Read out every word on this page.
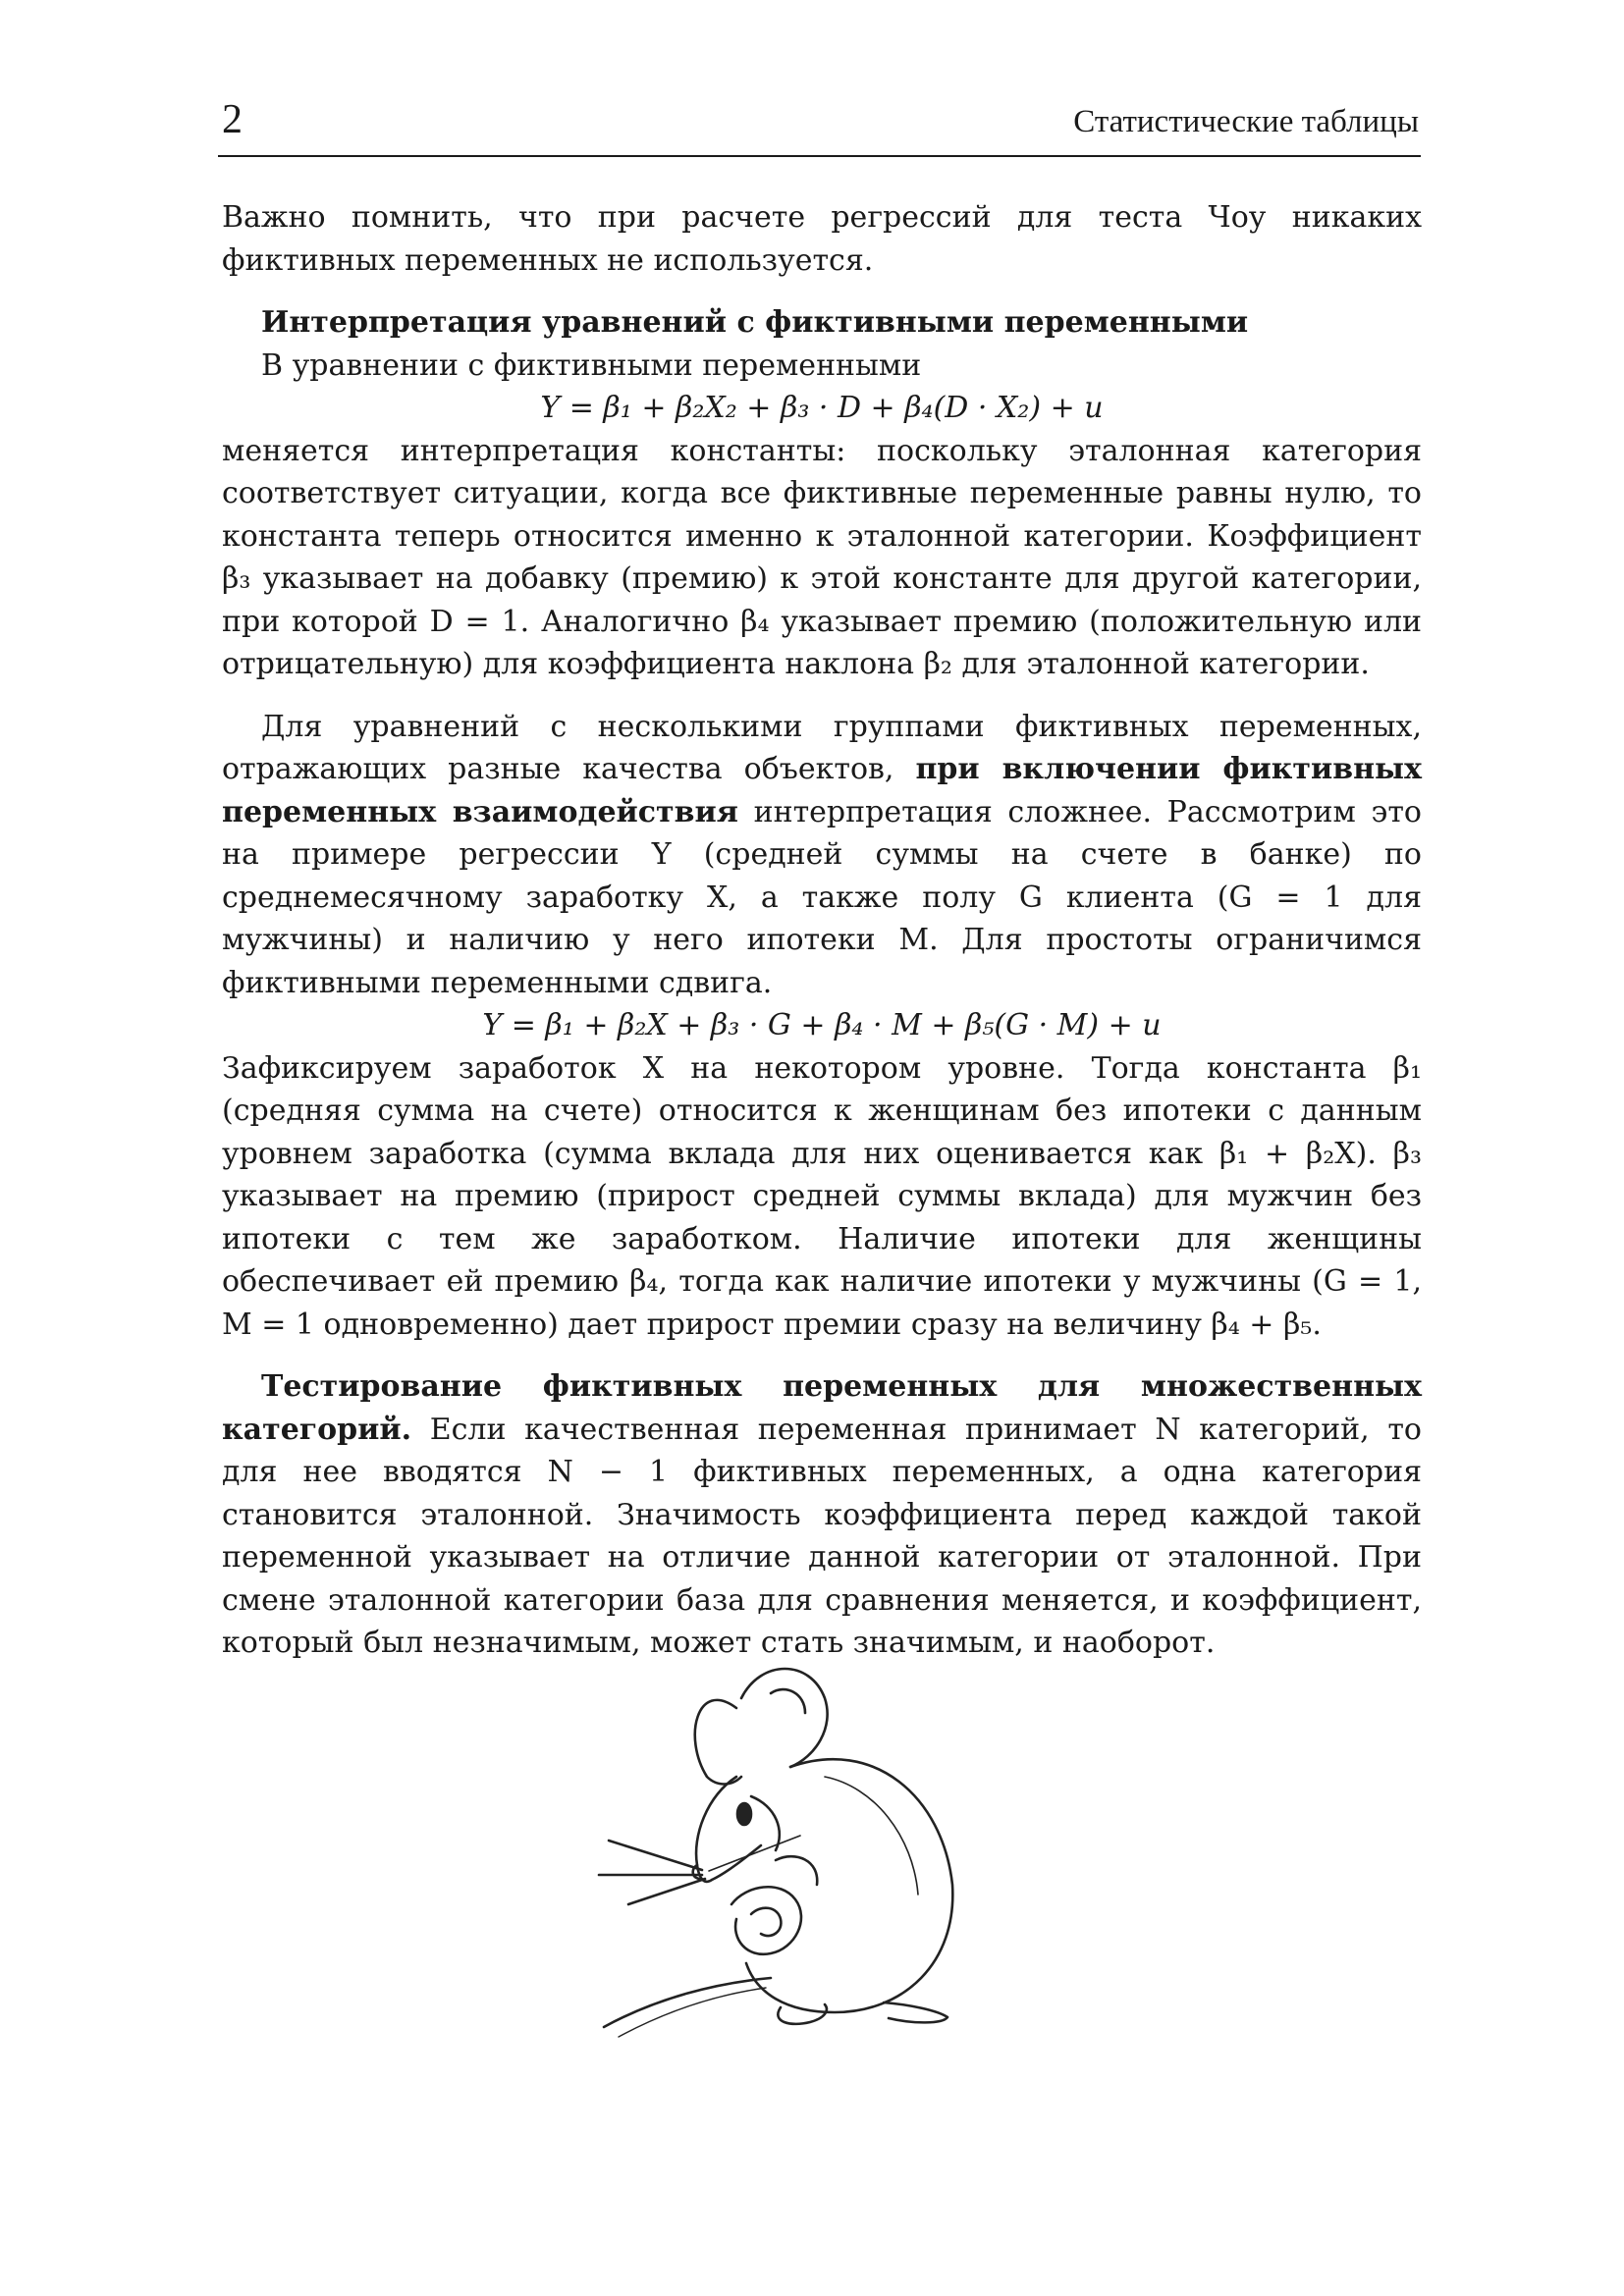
2	Статистические таблицы

Важно помнить, что при расчете регрессий для теста Чоу никаких фиктивных переменных не используется.

Интерпретация уравнений с фиктивными переменными

В уравнении с фиктивными переменными

Y = β₁ + β₂X₂ + β₃ · D + β₄(D · X₂) + u

меняется интерпретация константы: поскольку эталонная категория соответствует ситуации, когда все фиктивные переменные равны нулю, то константа теперь относится именно к эталонной категории. Коэффициент β₃ указывает на добавку (премию) к этой константе для другой категории, при которой D = 1. Аналогично β₄ указывает премию (положительную или отрицательную) для коэффициента наклона β₂ для эталонной категории.

Для уравнений с несколькими группами фиктивных переменных, отражающих разные качества объектов, при включении фиктивных переменных взаимодействия интерпретация сложнее. Рассмотрим это на примере регрессии Y (средней суммы на счете в банке) по среднемесячному заработку X, а также полу G клиента (G = 1 для мужчины) и наличию у него ипотеки M. Для простоты ограничимся фиктивными переменными сдвига.

Y = β₁ + β₂X + β₃ · G + β₄ · M + β₅(G · M) + u

Зафиксируем заработок X на некотором уровне. Тогда константа β₁ (средняя сумма на счете) относится к женщинам без ипотеки с данным уровнем заработка (сумма вклада для них оценивается как β₁ + β₂X). β₃ указывает на премию (прирост средней суммы вклада) для мужчин без ипотеки с тем же заработком. Наличие ипотеки для женщины обеспечивает ей премию β₄, тогда как наличие ипотеки у мужчины (G = 1, M = 1 одновременно) дает прирост премии сразу на величину β₄ + β₅.

Тестирование фиктивных переменных для множественных категорий. Если качественная переменная принимает N категорий, то для нее вводятся N − 1 фиктивных переменных, а одна категория становится эталонной. Значимость коэффициента перед каждой такой переменной указывает на отличие данной категории от эталонной. При смене эталонной категории база для сравнения меняется, и коэффициент, который был незначимым, может стать значимым, и наоборот.
